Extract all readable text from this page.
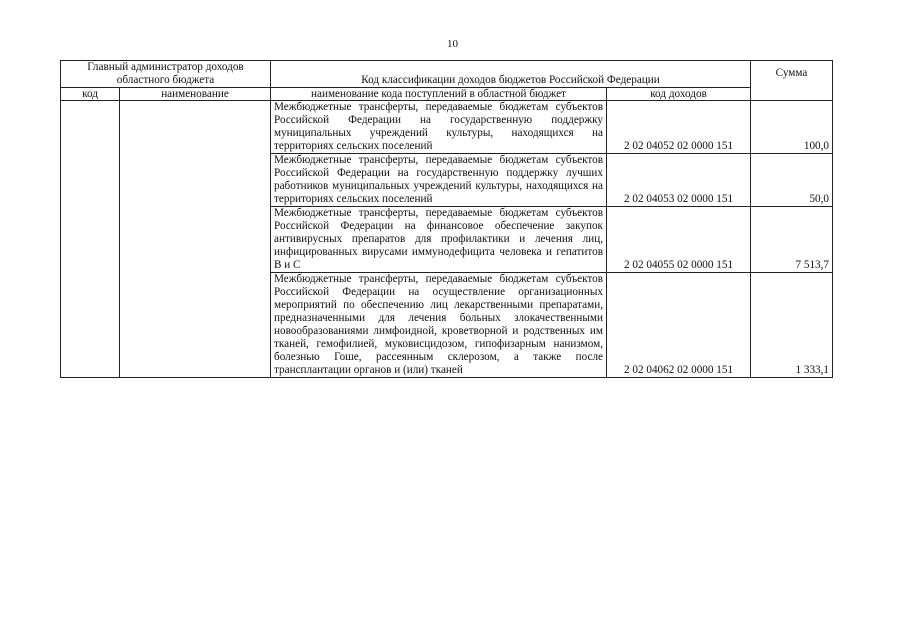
10
Главный администратор доходов областного бюджета		Код классификации доходов бюджетов Российской Федерации		Сумма
код	наименование	наименование кода поступлений в областной бюджет	код доходов	
		Межбюджетные трансферты, передаваемые бюджетам субъектов Российской Федерации на государственную поддержку муниципальных учреждений культуры, находящихся на территориях сельских поселений	2 02 04052 02 0000 151	100,0
		Межбюджетные трансферты, передаваемые бюджетам субъектов Российской Федерации на государственную поддержку лучших работников муниципальных учреждений культуры, находящихся на территориях сельских поселений	2 02 04053 02 0000 151	50,0
		Межбюджетные трансферты, передаваемые бюджетам субъектов Российской Федерации на финансовое обеспечение закупок антивирусных препаратов для профилактики и лечения лиц, инфицированных вирусами иммунодефицита человека и гепатитов B и C	2 02 04055 02 0000 151	7 513,7
		Межбюджетные трансферты, передаваемые бюджетам субъектов Российской Федерации на осуществление организационных мероприятий по обеспечению лиц лекарственными препаратами, предназначенными для лечения больных злокачественными новообразованиями лимфоидной, кроветворной и родственных им тканей, гемофилией, муковисцидозом, гипофизарным нанизмом, болезнью Гоше, рассеянным склерозом, а также после трансплантации органов и (или) тканей	2 02 04062 02 0000 151	1 333,1
